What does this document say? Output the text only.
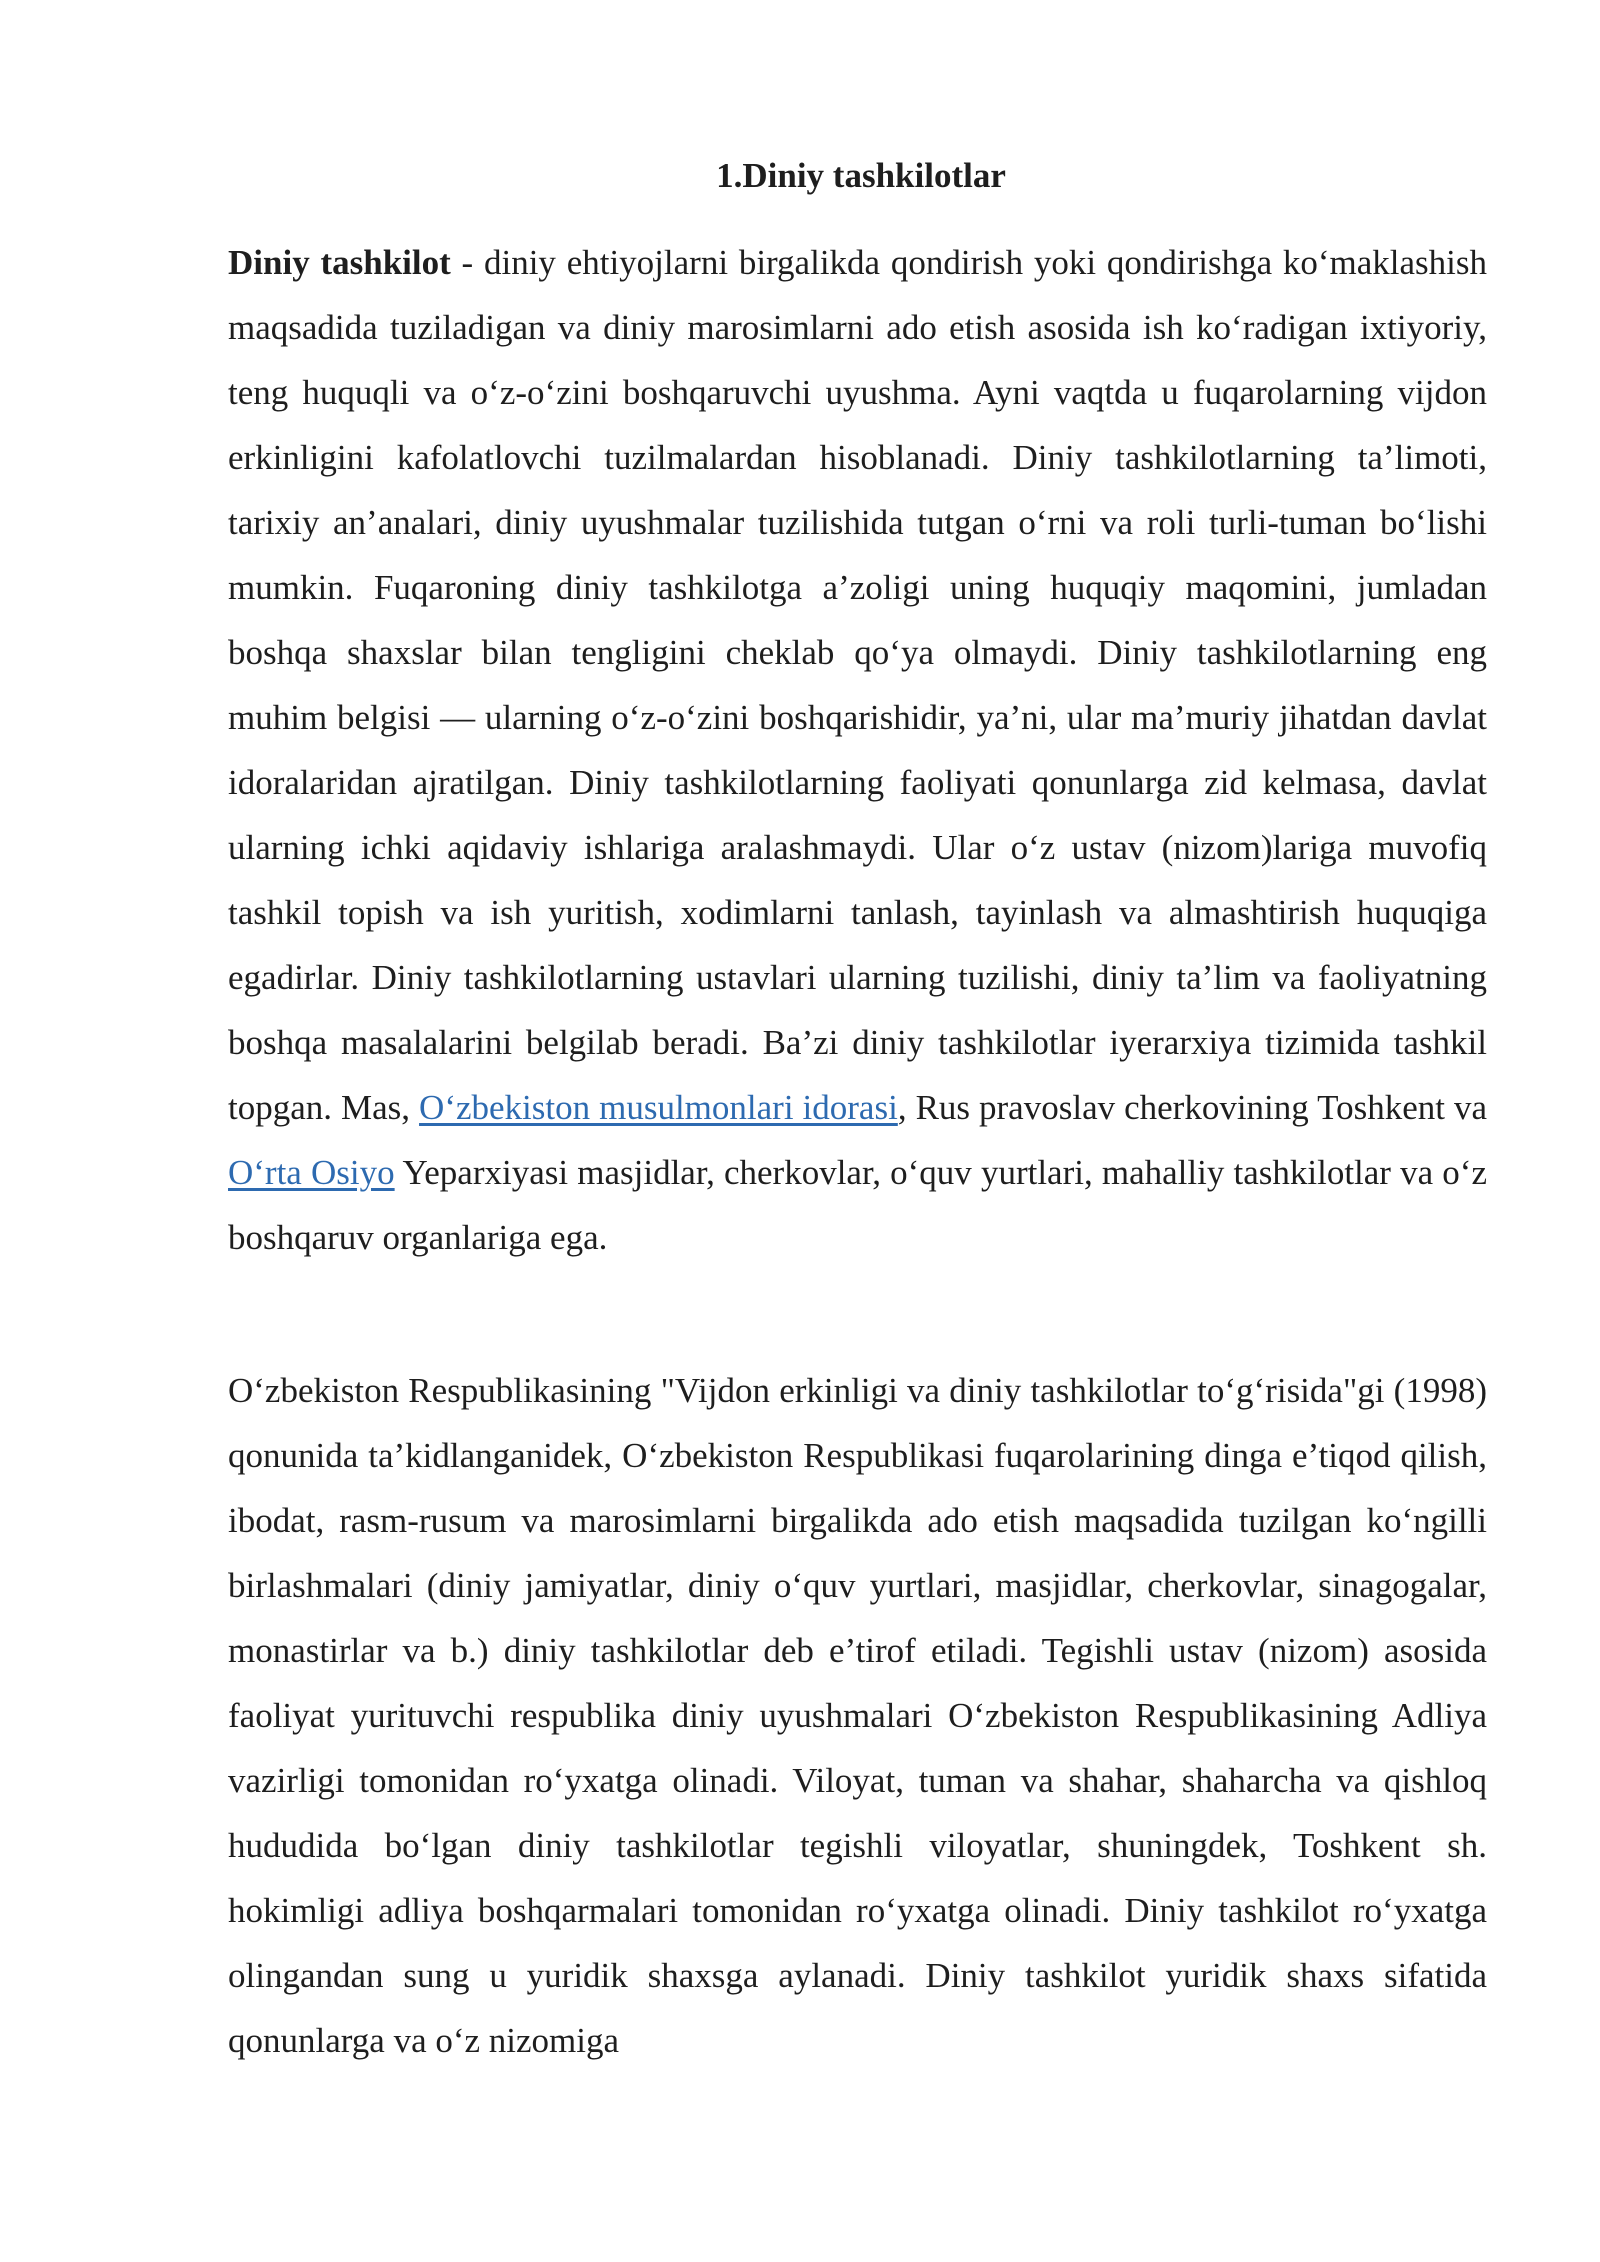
1.Diniy tashkilotlar

Diniy tashkilot - diniy ehtiyojlarni birgalikda qondirish yoki qondirishga ko‘maklashish maqsadida tuziladigan va diniy marosimlarni ado etish asosida ish ko‘radigan ixtiyoriy, teng huquqli va o‘z-o‘zini boshqaruvchi uyushma. Ayni vaqtda u fuqarolarning vijdon erkinligini kafolatlovchi tuzilmalardan hisoblanadi. Diniy tashkilotlarning ta’limoti, tarixiy an’analari, diniy uyushmalar tuzilishida tutgan o‘rni va roli turli-tuman bo‘lishi mumkin. Fuqaroning diniy tashkilotga a’zoligi uning huquqiy maqomini, jumladan boshqa shaxslar bilan tengligini cheklab qo‘ya olmaydi. Diniy tashkilotlarning eng muhim belgisi — ularning o‘z-o‘zini boshqarishidir, ya’ni, ular ma’muriy jihatdan davlat idoralaridan ajratilgan. Diniy tashkilotlarning faoliyati qonunlarga zid kelmasa, davlat ularning ichki aqidaviy ishlariga aralashmaydi. Ular o‘z ustav (nizom)lariga muvofiq tashkil topish va ish yuritish, xodimlarni tanlash, tayinlash va almashtirish huquqiga egadirlar. Diniy tashkilotlarning ustavlari ularning tuzilishi, diniy ta’lim va faoliyatning boshqa masalalarini belgilab beradi. Ba’zi diniy tashkilotlar iyerarxiya tizimida tashkil topgan. Mas, O‘zbekiston musulmonlari idorasi, Rus pravoslav cherkovining Toshkent va O‘rta Osiyo Yeparxiyasi masjidlar, cherkovlar, o‘quv yurtlari, mahalliy tashkilotlar va o‘z boshqaruv organlariga ega.

O‘zbekiston Respublikasining "Vijdon erkinligi va diniy tashkilotlar to‘g‘risida"gi (1998) qonunida ta’kidlanganidek, O‘zbekiston Respublikasi fuqarolarining dinga e’tiqod qilish, ibodat, rasm-rusum va marosimlarni birgalikda ado etish maqsadida tuzilgan ko‘ngilli birlashmalari (diniy jamiyatlar, diniy o‘quv yurtlari, masjidlar, cherkovlar, sinagogalar, monastirlar va b.) diniy tashkilotlar deb e’tirof etiladi. Tegishli ustav (nizom) asosida faoliyat yurituvchi respublika diniy uyushmalari O‘zbekiston Respublikasining Adliya vazirligi tomonidan ro‘yxatga olinadi. Viloyat, tuman va shahar, shaharcha va qishloq hududida bo‘lgan diniy tashkilotlar tegishli viloyatlar, shuningdek, Toshkent sh. hokimligi adliya boshqarmalari tomonidan ro‘yxatga olinadi. Diniy tashkilot ro‘yxatga olingandan sung u yuridik shaxsga aylanadi. Diniy tashkilot yuridik shaxs sifatida qonunlarga va o‘z nizomiga
